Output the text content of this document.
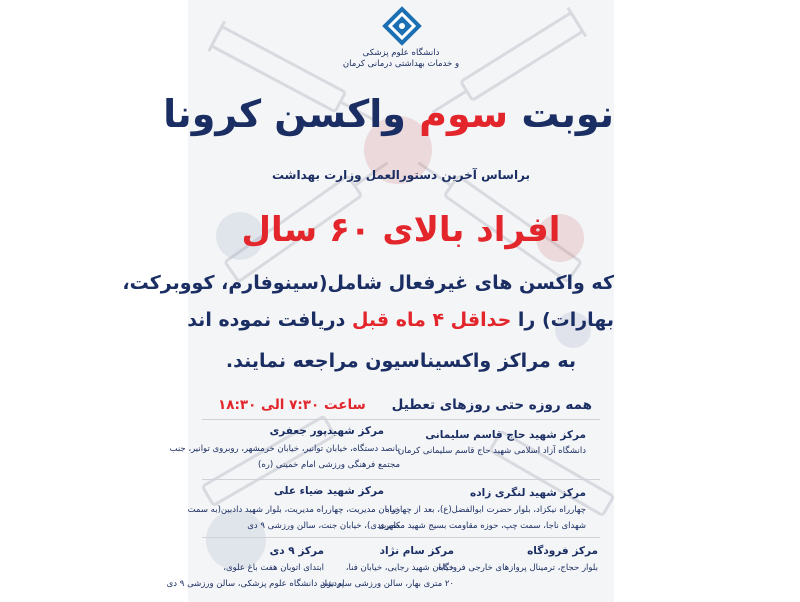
دانشگاه علوم پزشکی
و خدمات بهداشتی درمانی کرمان
نوبت سوم واکسن کرونا
براساس آخرین دستورالعمل وزارت بهداشت
افراد بالای ۶۰ سال
که واکسن های غیرفعال شامل(سینوفارم، کووبرکت،
بهارات) را حداقل ۴ ماه قبل دریافت نموده اند
به مراکز واکسیناسیون مراجعه نمایند.
همه روزه حتی روزهای تعطیل
ساعت ۷:۳۰ الی ۱۸:۳۰
مرکز شهید حاج قاسم سلیمانی
دانشگاه آزاد اسلامی شهید حاج قاسم سلیمانی کرمان
مرکز شهیدپور جعفری
پانصد دستگاه، خیابان توانیر، خیابان خرمشهر، روبروی توانیر، جنب
مجتمع فرهنگی ورزشی امام خمینی (ره)
مرکز شهید لنگری زاده
چهارراه نیکزاد، بلوار حضرت ابوالفضل(ع)، بعد از چهارراه
شهدای ناجا، سمت چپ، حوزه مقاومت بسیج شهید مطهری
مرکز شهید ضیاء علی
خیابان مدیریت، چهارراه مدیریت، بلوار شهید دادبین(به سمت
کمربندی)، خیابان جنت، سالن ورزشی ۹ دی
مرکز فرودگاه
بلوار حجاج، ترمینال پروازهای خارجی فرودگاه
مرکز سام نژاد
خیابان شهید رجایی، خیابان فنا،
۲۰ متری بهار، سالن ورزشی سام نژاد
مرکز ۹ دی
ابتدای اتوبان هفت باغ علوی،
پردیس دانشگاه علوم پزشکی، سالن ورزشی ۹ دی
